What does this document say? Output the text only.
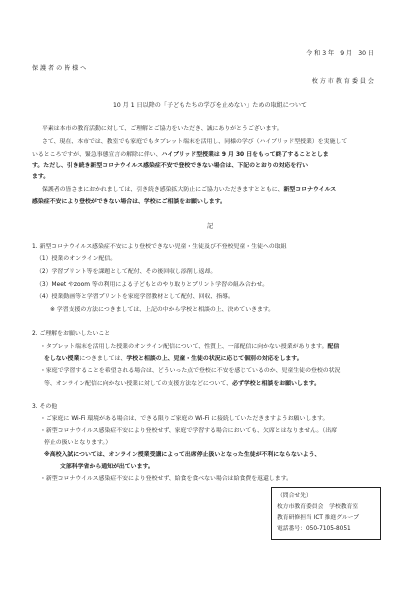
令 和 3 年　9 月　30 日
保 護 者 の 皆 様 へ
枚 方 市 教 育 委 員 会
10 月 1 日以降の「子どもたちの学びを止めない」ための取組について
平素は本市の教育活動に対して、ご理解とご協力をいただき、誠にありがとうございます。
さて、現在、本市では、教室でも家庭でもタブレット端末を活用し、同様の学び（ハイブリッド型授業）を実施して
いるところですが、緊急事態宣言の解除に伴い、ハイブリッド型授業は 9 月 30 日をもって終了することとしま
す。ただし、引き続き新型コロナウイルス感染症不安で登校できない場合は、下記のとおりの対応を行い
ます。
保護者の皆さまにおかれましては、引き続き感染拡大防止にご協力いただきますとともに、新型コロナウイルス
感染症不安により登校ができない場合は、学校にご相談をお願いします。
記
1. 新型コロナウイルス感染症不安により登校できない児童・生徒及び不登校児童・生徒への取組
（1）授業のオンライン配信。
（2）学習プリント等を課題として配付、その後回収し添削し返却。
（3）Meet やzoom 等の利用による子どもとのやり取りとプリント学習の組み合わせ。
（4）授業動画等と学習プリントを家庭学習教材として配付、回収、指導。
※ 学習支援の方法につきましては、上記の中から学校と相談の上、決めていきます。
2. ご理解をお願いしたいこと
・タブレット端末を活用した授業のオンライン配信について、性質上、一部配信に向かない授業があります。配信
をしない授業につきましては、学校と相談の上、児童・生徒の状況に応じて個別の対応をします。
・家庭で学習することを希望される場合は、どういった点で登校に不安を感じているのか、児童生徒の登校の状況
等、オンライン配信に向かない授業に対しての支援方法などについて、必ず学校と相談をお願いします。
3. その他
・ご家庭に Wi-Fi 環境がある場合は、できる限りご家庭の Wi-Fi に接続していただきますようお願いします。
・新型コロナウイルス感染症不安により登校せず、家庭で学習する場合においても、欠席とはなりません。（出席
停止の扱いとなります。）
※高校入試については、オンライン授業受講によって出席停止扱いとなった生徒が不利にならないよう、
文部科学省から通知が出ています。
・新型コロナウイルス感染症不安により登校せず、給食を食べない場合は給食費を返還します。
（問合せ先）
枚方市教育委員会　学校教育室
教育研修担当 ICT 推進グループ
電話番号：050-7105-8051
